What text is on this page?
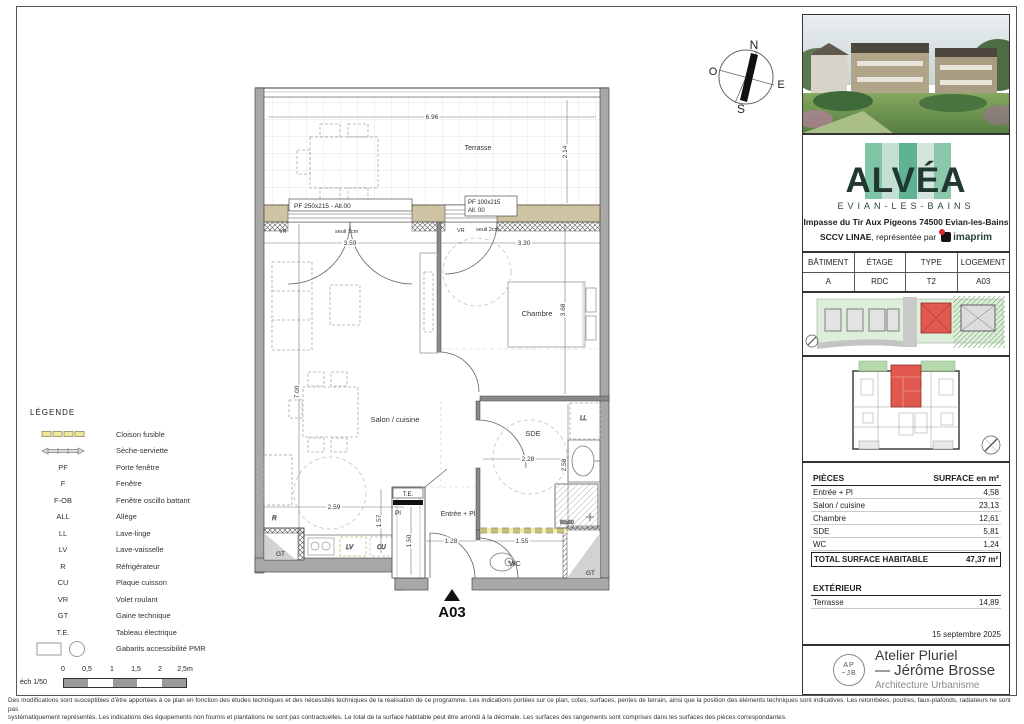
N
S
O
E
PF 250x215 - All.00	PF 100x215
All. 00
VR	seuil 2cm	VR seuil 2cm
LV	CU
R
GT
GT
T.E.
Pl
LL
90x90
Terrasse
Chambre
Salon / cuisine
SDE
WC
Entrée + Pl
6.96
2.14
3.59	3.30
3.68
7.00
2.59
1.57
1.50	1.28	1.55
2.28	2.58
A03
ALVÉA
EVIAN-LES-BAINS
Impasse du Tir Aux Pigeons 74500 Evian-les-Bains
SCCV LINAE, représentée par imaprim
BÂTIMENT	ÉTAGE	TYPE	LOGEMENT
A	RDC	T2	A03
PIÈCES	SURFACE en m²
Entrée + Pl	4,58
Salon / cuisine	23,13
Chambre	12,61
SDE	5,81
WC	1,24
TOTAL SURFACE HABITABLE	47,37 m²
EXTÉRIEUR
Terrasse	14,89
15 septembre 2025
AP
~JB
Atelier Pluriel
— Jérôme Brosse
Architecture Urbanisme
LÉGENDE
Cloison fusible
Sèche-serviette
PF	Porte fenêtre
F	Fenêtre
F-OB	Fenêtre oscillo battant
ALL	Allège
LL	Lave-linge
LV	Lave-vaisselle
R	Réfrigérateur
CU	Plaque cuisson
VR	Volet roulant
GT	Gaine technique
T.E.	Tableau électrique
Gabarits accessibilité PMR
éch 1/50
0 0,5	1 1,5 2 2,5m
Des modifications sont susceptibles d'être apportées à ce plan en fonction des études techniques et des nécessités techniques de la réalisation de ce programme. Les indications portées sur ce plan, cotes, surfaces, pentes de terrain, ainsi que la position des éléments techniques sont indicatives. Les retombées, poutres, faux-plafonds, radiateurs ne sont pas
systématiquement représentés. Les indications des équipements non fournis et plantations ne sont pas contractuelles. Le total de la surface habitable peut être arrondi à la décimale. Les surfaces des rangements sont comprises dans les surfaces des pièces correspondantes.
